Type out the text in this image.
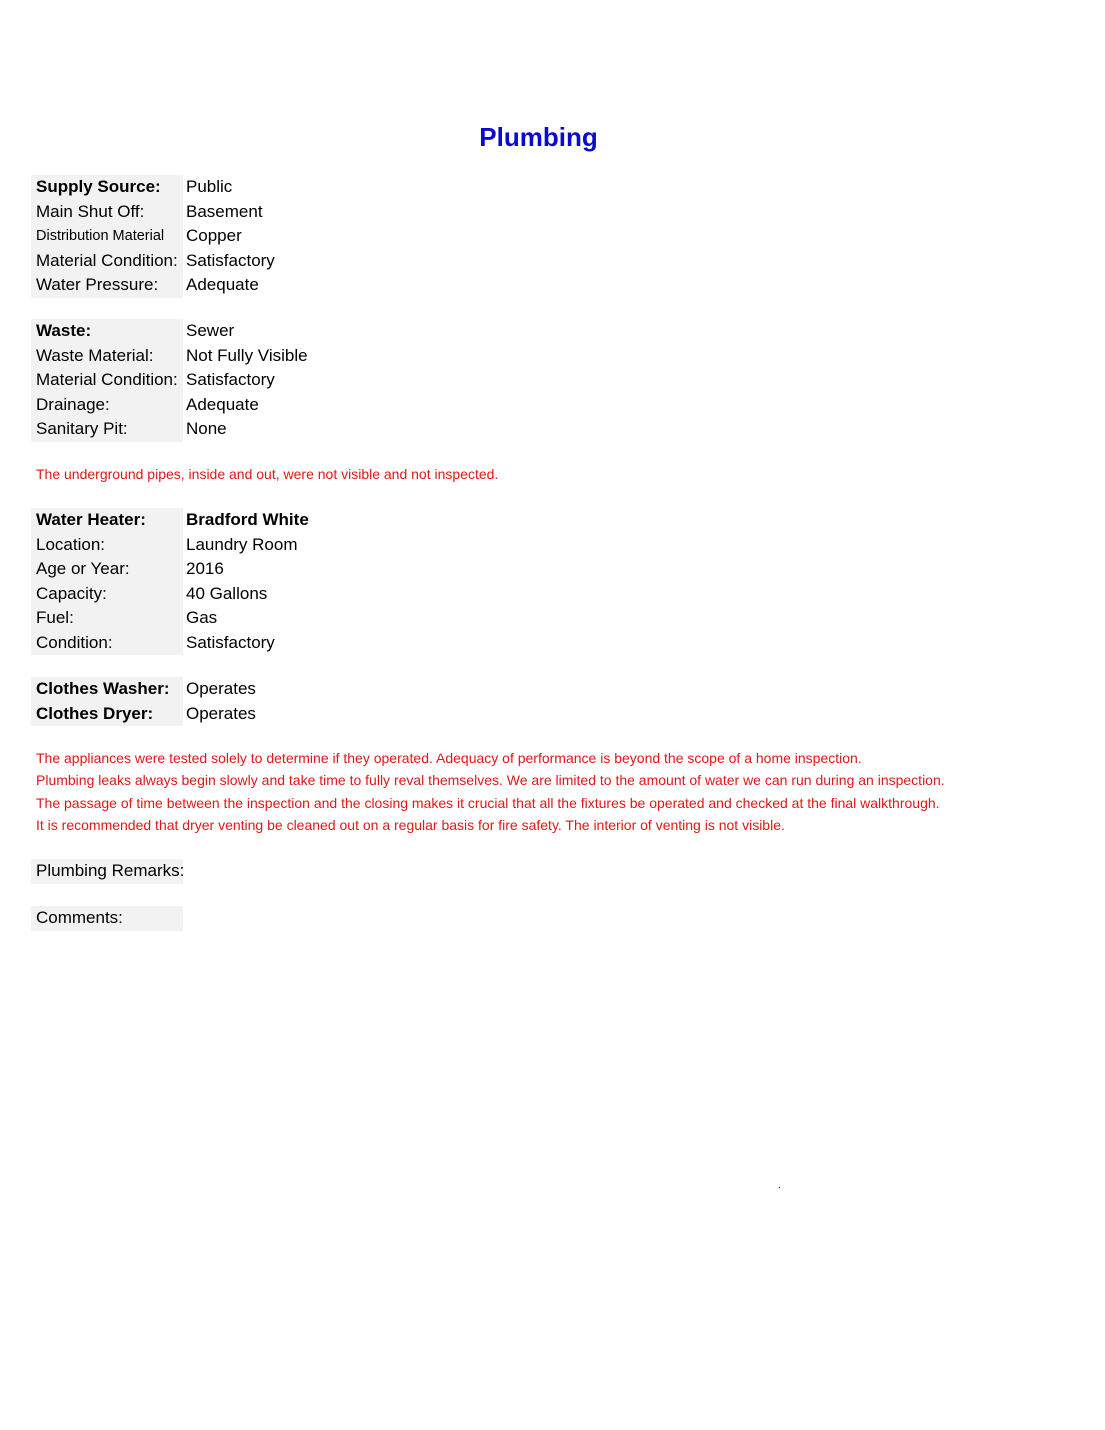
Plumbing
Supply Source:	Public
Main Shut Off:	Basement
Distribution Material	Copper
Material Condition: Satisfactory
Water Pressure:	Adequate
Waste:	Sewer
Waste Material:	Not Fully Visible
Material Condition: Satisfactory
Drainage:	Adequate
Sanitary Pit:	None
The underground pipes, inside and out, were not visible and not inspected.
Water Heater:	Bradford White
Location:	Laundry Room
Age or Year:	2016
Capacity:	40 Gallons
Fuel:	Gas
Condition:	Satisfactory
Clothes Washer: Operates
Clothes Dryer:	Operates
The appliances were tested solely to determine if they operated. Adequacy of performance is beyond the scope of a home inspection.
Plumbing leaks always begin slowly and take time to fully reval themselves. We are limited to the amount of water we can run during an inspection.
The passage of time between the inspection and the closing makes it crucial that all the fixtures be operated and checked at the final walkthrough.
It is recommended that dryer venting be cleaned out on a regular basis for fire safety. The interior of venting is not visible.
Plumbing Remarks:
Comments:
.
